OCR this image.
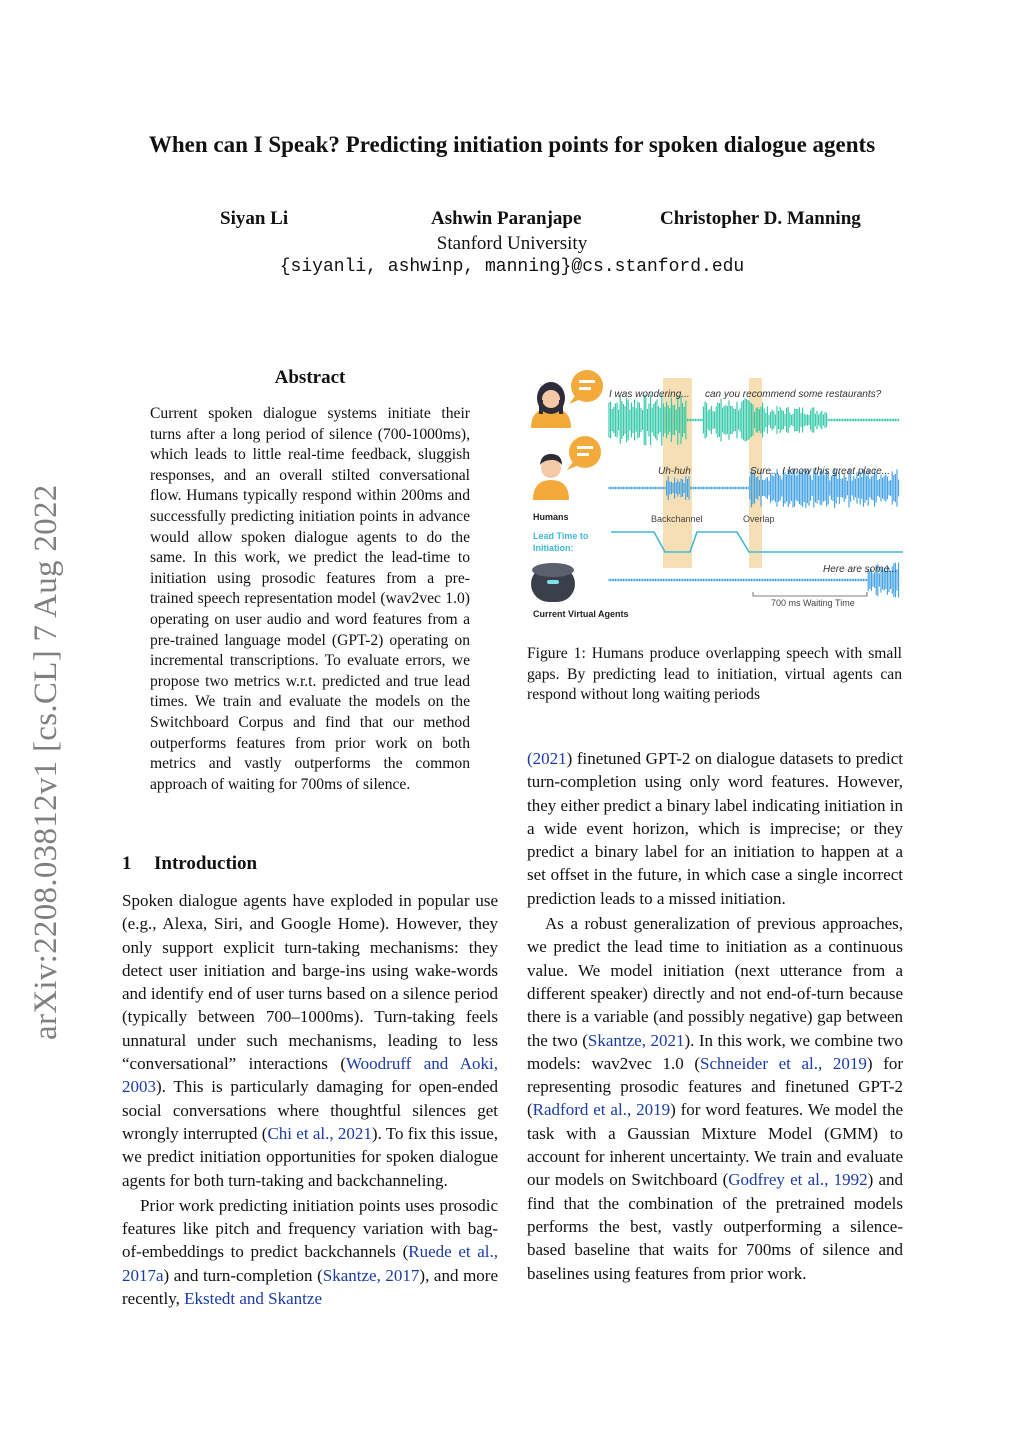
arXiv:2208.03812v1 [cs.CL] 7 Aug 2022
When can I Speak? Predicting initiation points for spoken dialogue agents
Siyan Li	Ashwin Paranjape	Christopher D. Manning
Stanford University
{siyanli, ashwinp, manning}@cs.stanford.edu
Abstract
Current spoken dialogue systems initiate their turns after a long period of silence (700-1000ms), which leads to little real-time feedback, sluggish responses, and an overall stilted conversational flow. Humans typically respond within 200ms and successfully predicting initiation points in advance would allow spoken dialogue agents to do the same. In this work, we predict the lead-time to initiation using prosodic features from a pre-trained speech representation model (wav2vec 1.0) operating on user audio and word features from a pre-trained language model (GPT-2) operating on incremental transcriptions. To evaluate errors, we propose two metrics w.r.t. predicted and true lead times. We train and evaluate the models on the Switchboard Corpus and find that our method outperforms features from prior work on both metrics and vastly outperforms the common approach of waiting for 700ms of silence.
1 Introduction

Spoken dialogue agents have exploded in popular use (e.g., Alexa, Siri, and Google Home). However, they only support explicit turn-taking mechanisms: they detect user initiation and barge-ins using wake-words and identify end of user turns based on a silence period (typically between 700–1000ms). Turn-taking feels unnatural under such mechanisms, leading to less “conversational” interactions (Woodruff and Aoki, 2003). This is particularly damaging for open-ended social conversations where thoughtful silences get wrongly interrupted (Chi et al., 2021). To fix this issue, we predict initiation opportunities for spoken dialogue agents for both turn-taking and backchanneling.

Prior work predicting initiation points uses prosodic features like pitch and frequency variation with bag-of-embeddings to predict backchannels (Ruede et al., 2017a) and turn-completion (Skantze, 2017), and more recently, Ekstedt and Skantze

I was wondering... can you recommend some restaurants?
Uh-huh	Sure... I know this great place...
Humans	Backchannel	Overlap
Lead Time to Initiation:
Current Virtual Agents
Here are some...
700 ms Waiting Time
Figure 1: Humans produce overlapping speech with small gaps. By predicting lead to initiation, virtual agents can respond without long waiting periods

(2021) finetuned GPT-2 on dialogue datasets to predict turn-completion using only word features. However, they either predict a binary label indicating initiation in a wide event horizon, which is imprecise; or they predict a binary label for an initiation to happen at a set offset in the future, in which case a single incorrect prediction leads to a missed initiation.

As a robust generalization of previous approaches, we predict the lead time to initiation as a continuous value. We model initiation (next utterance from a different speaker) directly and not end-of-turn because there is a variable (and possibly negative) gap between the two (Skantze, 2021). In this work, we combine two models: wav2vec 1.0 (Schneider et al., 2019) for representing prosodic features and finetuned GPT-2 (Radford et al., 2019) for word features. We model the task with a Gaussian Mixture Model (GMM) to account for inherent uncertainty. We train and evaluate our models on Switchboard (Godfrey et al., 1992) and find that the combination of the pretrained models performs the best, vastly outperforming a silence-based baseline that waits for 700ms of silence and baselines using features from prior work.
